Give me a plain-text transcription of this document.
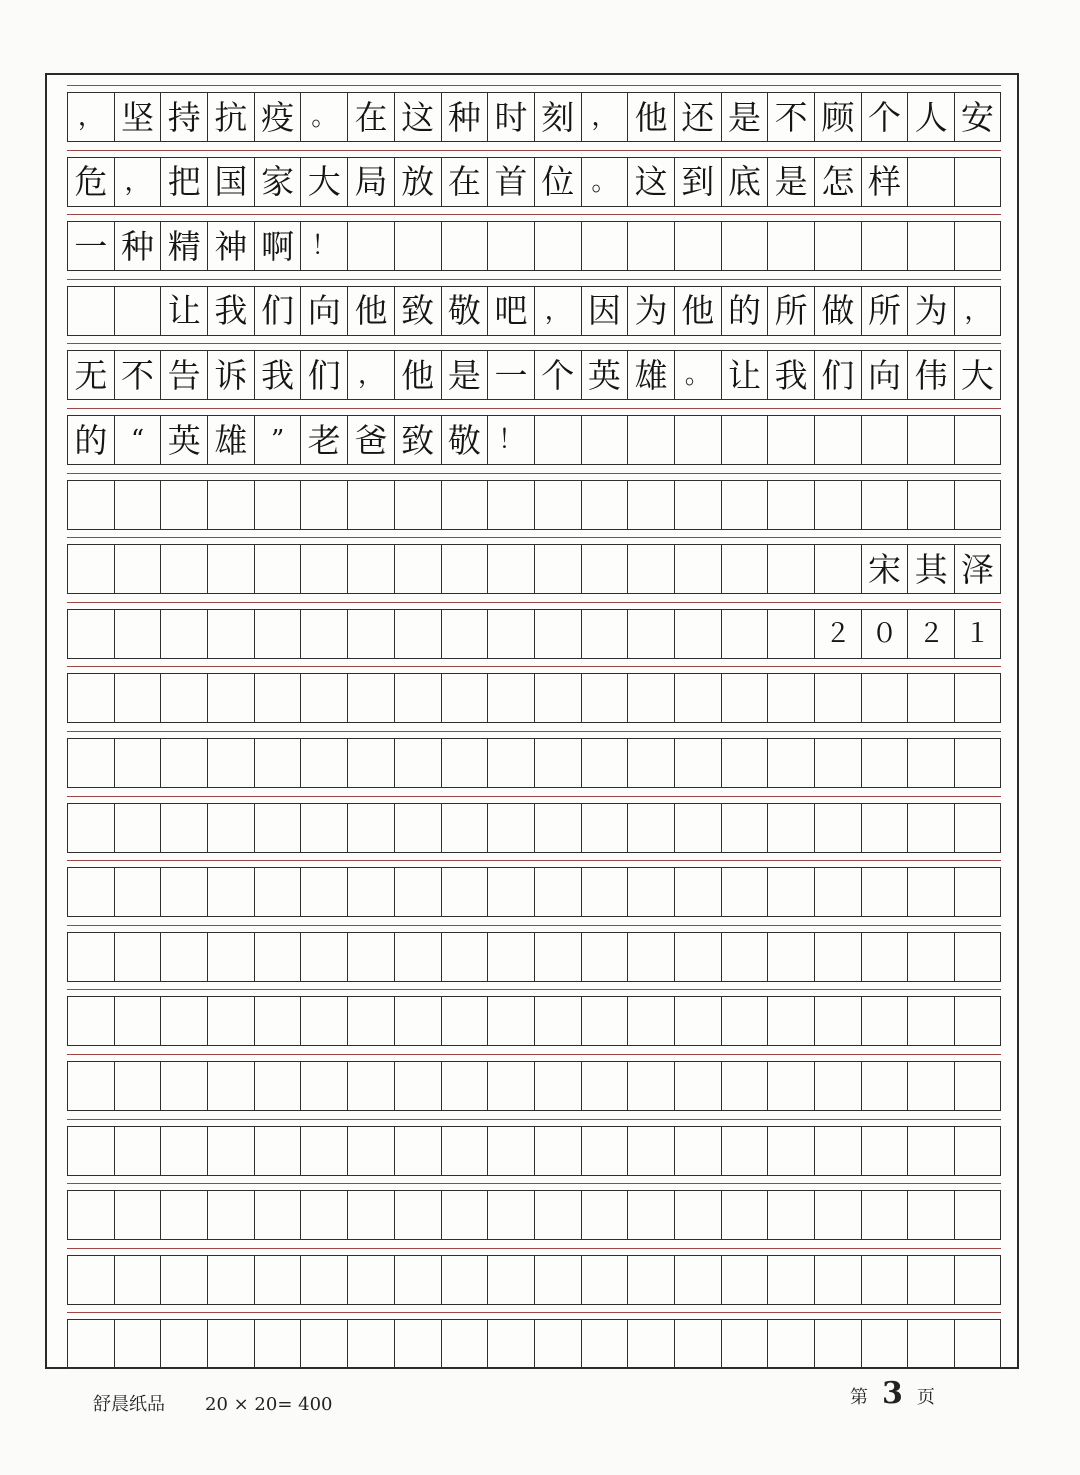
， 坚 持 抗 疫 。 在 这 种 时 刻 ， 他 还 是 不 顾 个 人 安
危 ， 把 国 家 大 局 放 在 首 位 。 这 到 底 是 怎 样
一 种 精 神 啊 ！
让 我 们 向 他 致 敬 吧 ， 因 为 他 的 所 做 所 为 ，
无 不 告 诉 我 们 ， 他 是 一 个 英 雄 。 让 我 们 向 伟 大
的 “ 英 雄 ” 老 爸 致 敬 ！
宋 其 泽
２ ０ ２ １
舒晨纸品 20 × 20= 400	第 3 页
